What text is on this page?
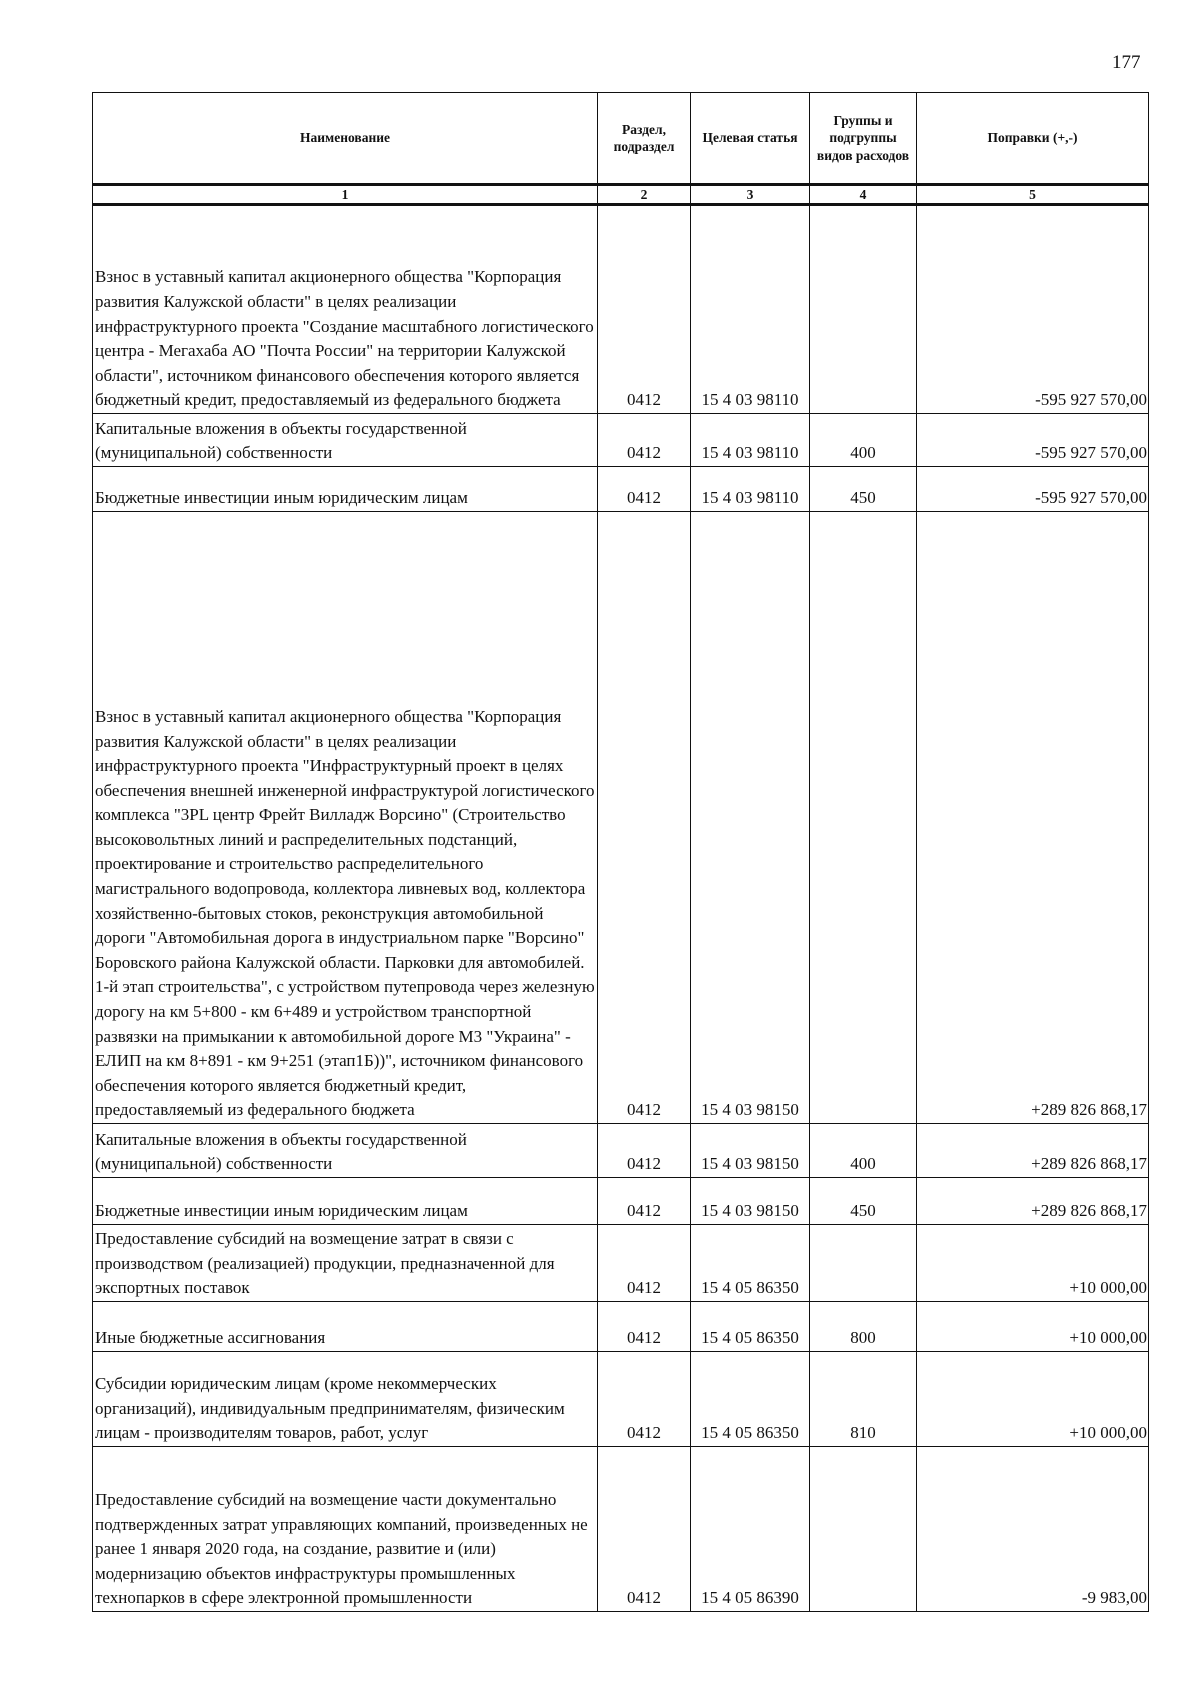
177
Наименование	Раздел, подраздел	Целевая статья	Группы и подгруппы видов расходов	Поправки (+,-)
1	2	3	4	5
Взнос в уставный капитал акционерного общества "Корпорация развития Калужской области" в целях реализации инфраструктурного проекта "Создание масштабного логистического центра - Мегахаба АО "Почта России" на территории Калужской области", источником финансового обеспечения которого является бюджетный кредит, предоставляемый из федерального бюджета	0412	15 4 03 98110		-595 927 570,00
Капитальные вложения в объекты государственной (муниципальной) собственности	0412	15 4 03 98110	400	-595 927 570,00
Бюджетные инвестиции иным юридическим лицам	0412	15 4 03 98110	450	-595 927 570,00
Взнос в уставный капитал акционерного общества "Корпорация развития Калужской области" в целях реализации инфраструктурного проекта "Инфраструктурный проект в целях обеспечения внешней инженерной инфраструктурой логистического комплекса "3PL центр Фрейт Вилладж Ворсино" (Строительство высоковольтных линий и распределительных подстанций, проектирование и строительство распределительного магистрального водопровода, коллектора ливневых вод, коллектора хозяйственно-бытовых стоков, реконструкция автомобильной дороги "Автомобильная дорога в индустриальном парке "Ворсино" Боровского района Калужской области. Парковки для автомобилей. 1-й этап строительства", с устройством путепровода через железную дорогу на км 5+800 - км 6+489 и устройством транспортной развязки на примыкании к автомобильной дороге М3 "Украина" - ЕЛИП на км 8+891 - км 9+251 (этап1Б))", источником финансового обеспечения которого является бюджетный кредит, предоставляемый из федерального бюджета	0412	15 4 03 98150		+289 826 868,17
Капитальные вложения в объекты государственной (муниципальной) собственности	0412	15 4 03 98150	400	+289 826 868,17
Бюджетные инвестиции иным юридическим лицам	0412	15 4 03 98150	450	+289 826 868,17
Предоставление субсидий на возмещение затрат в связи с производством (реализацией) продукции, предназначенной для экспортных поставок	0412	15 4 05 86350		+10 000,00
Иные бюджетные ассигнования	0412	15 4 05 86350	800	+10 000,00
Субсидии юридическим лицам (кроме некоммерческих организаций), индивидуальным предпринимателям, физическим лицам - производителям товаров, работ, услуг	0412	15 4 05 86350	810	+10 000,00
Предоставление субсидий на возмещение части документально подтвержденных затрат управляющих компаний, произведенных не ранее 1 января 2020 года, на создание, развитие и (или) модернизацию объектов инфраструктуры промышленных технопарков в сфере электронной промышленности	0412	15 4 05 86390		-9 983,00
